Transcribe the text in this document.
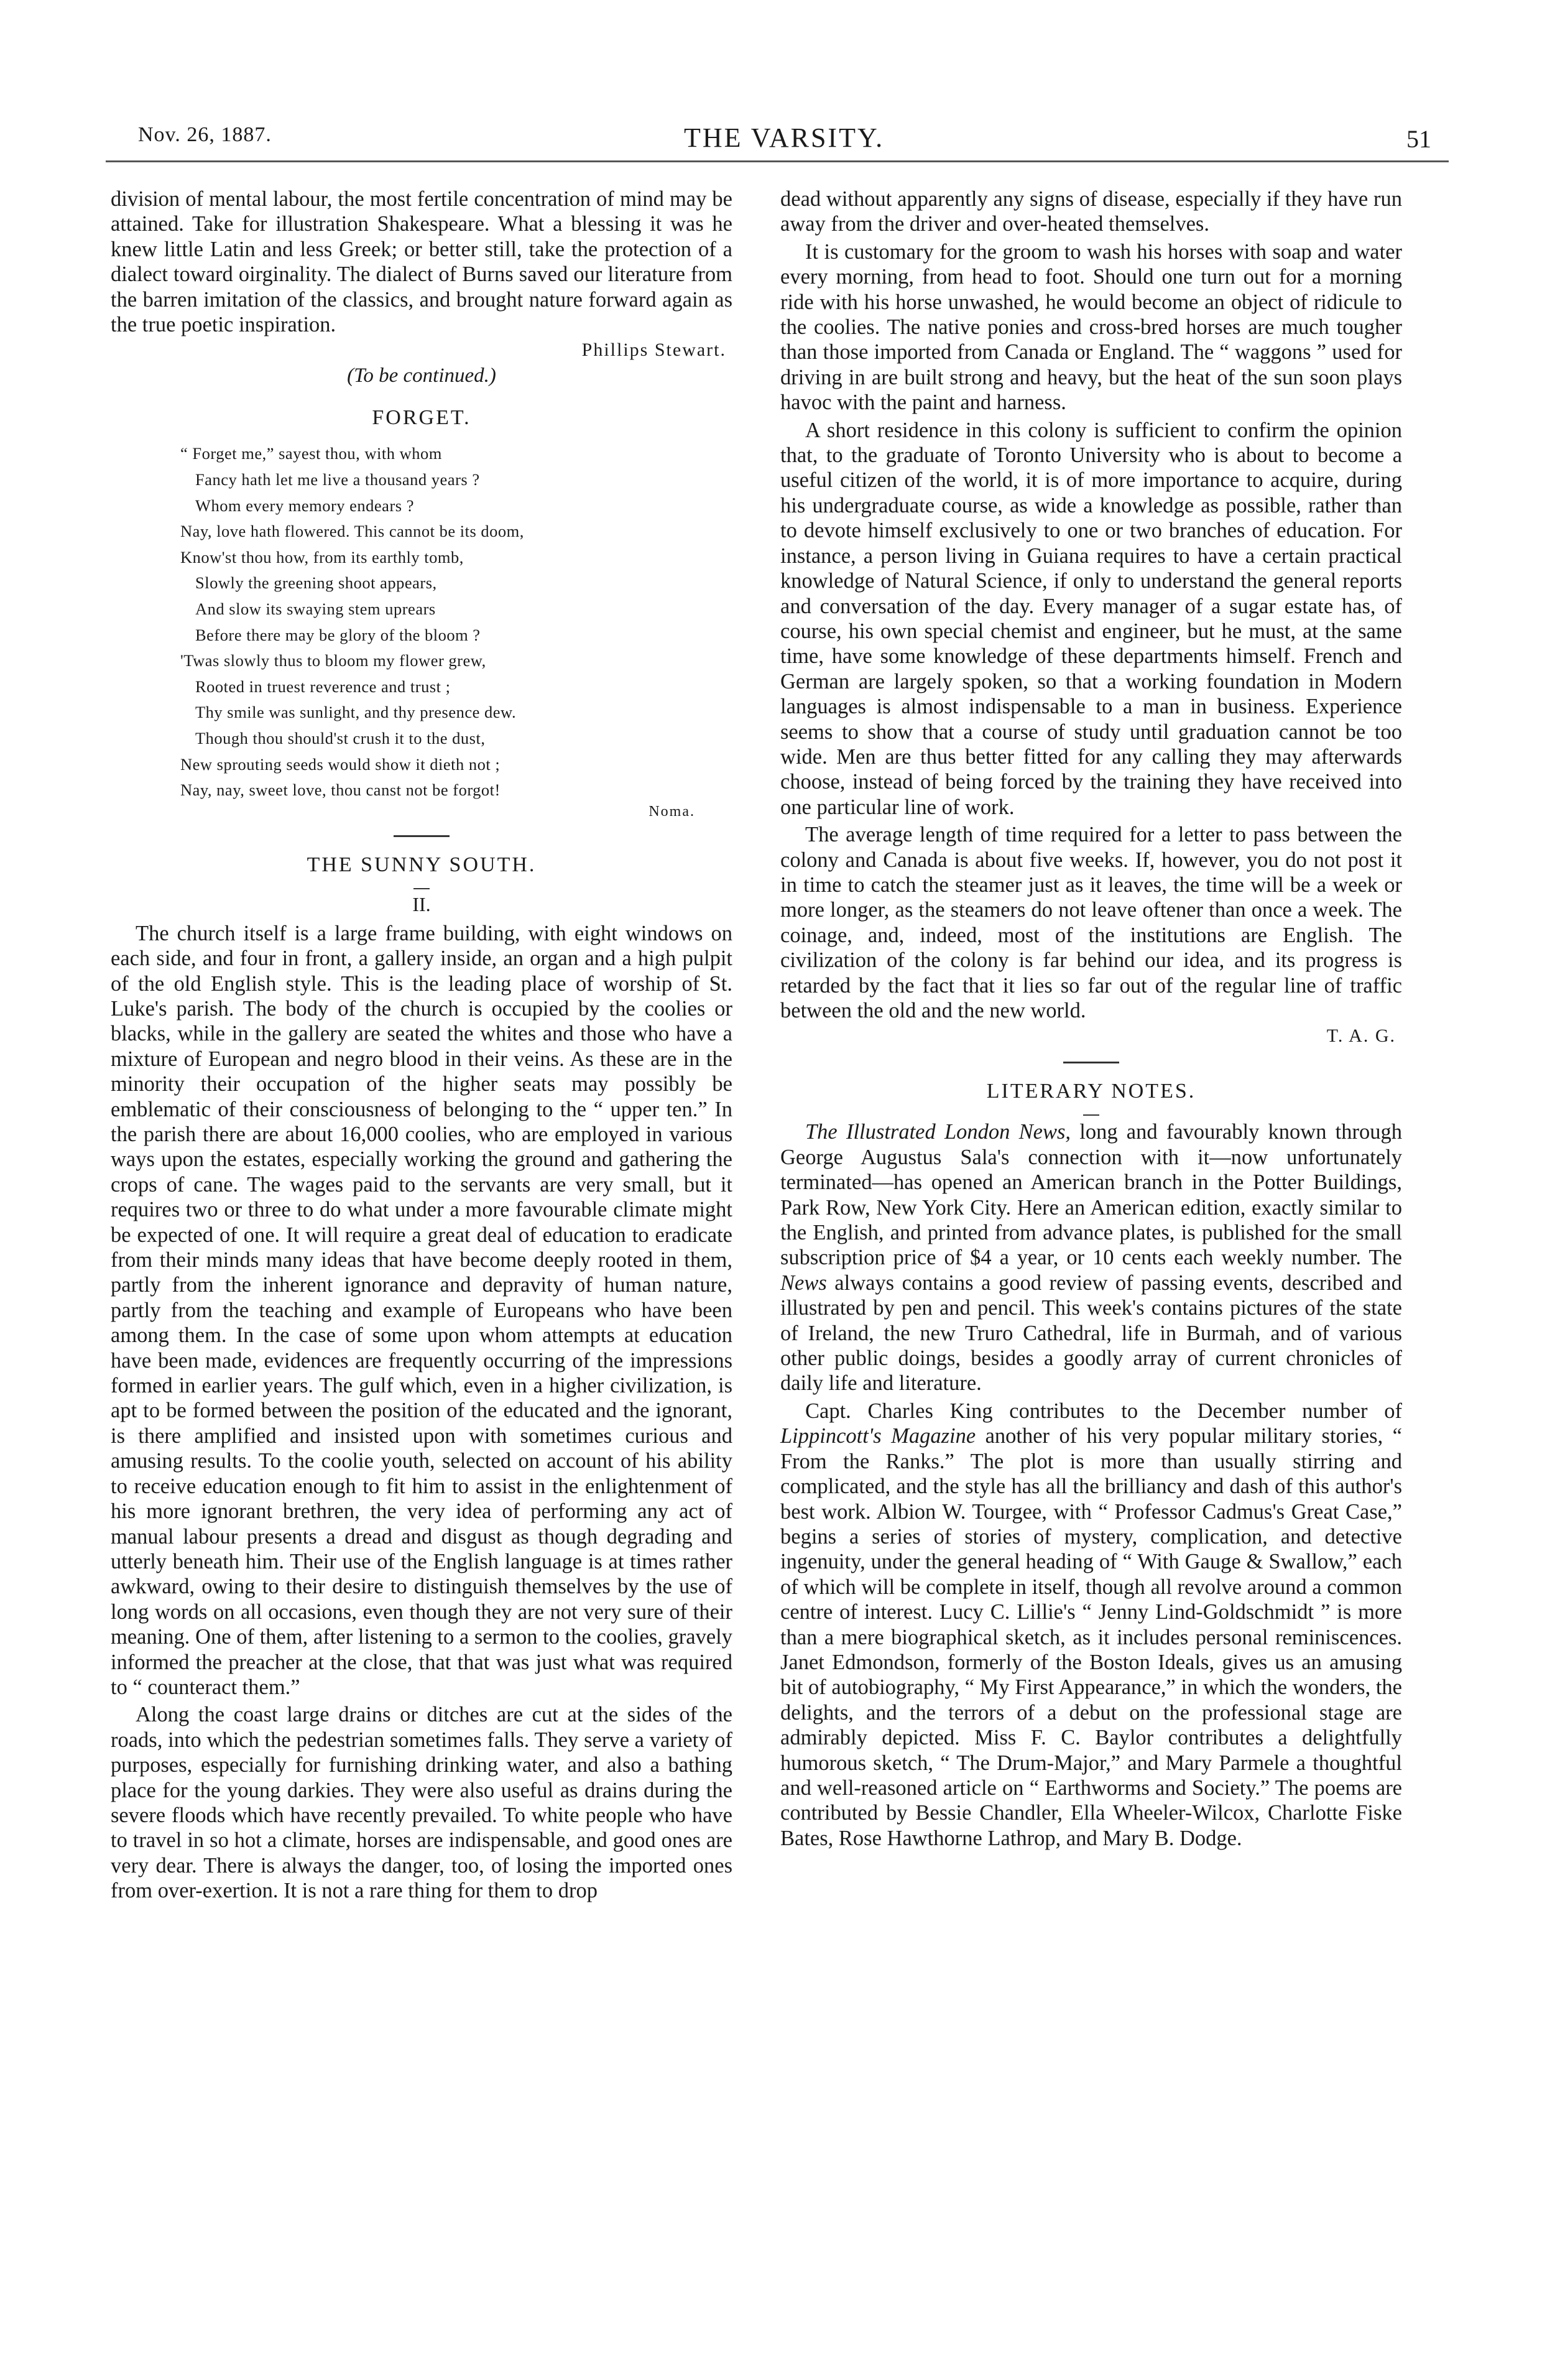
Nov. 26, 1887.	THE VARSITY.	51

division of mental labour, the most fertile concentration of mind may be attained. Take for illustration Shakespeare. What a blessing it was he knew little Latin and less Greek; or better still, take the protection of a dialect toward oirginality. The dialect of Burns saved our literature from the barren imitation of the classics, and brought nature forward again as the true poetic inspiration.

Phillips Stewart.
(To be continued.)
FORGET.
“ Forget me,” sayest thou, with whom
Fancy hath let me live a thousand years ?
Whom every memory endears ?
Nay, love hath flowered. This cannot be its doom,
Know'st thou how, from its earthly tomb,
Slowly the greening shoot appears,
And slow its swaying stem uprears
Before there may be glory of the bloom ?
'Twas slowly thus to bloom my flower grew,
Rooted in truest reverence and trust ;
Thy smile was sunlight, and thy presence dew.
Though thou should'st crush it to the dust,
New sprouting seeds would show it dieth not ;
Nay, nay, sweet love, thou canst not be forgot!
Noma.
THE SUNNY SOUTH.
II.

The church itself is a large frame building, with eight windows on each side, and four in front, a gallery inside, an organ and a high pulpit of the old English style. This is the leading place of worship of St. Luke's parish. The body of the church is occupied by the coolies or blacks, while in the gallery are seated the whites and those who have a mixture of European and negro blood in their veins. As these are in the minority their occupation of the higher seats may possibly be emblematic of their consciousness of belonging to the “ upper ten.” In the parish there are about 16,000 coolies, who are employed in various ways upon the estates, especially working the ground and gathering the crops of cane. The wages paid to the servants are very small, but it requires two or three to do what under a more favourable climate might be expected of one. It will require a great deal of education to eradicate from their minds many ideas that have become deeply rooted in them, partly from the inherent ignorance and depravity of human nature, partly from the teaching and example of Europeans who have been among them. In the case of some upon whom attempts at education have been made, evidences are frequently occurring of the impressions formed in earlier years. The gulf which, even in a higher civilization, is apt to be formed between the position of the educated and the ignorant, is there amplified and insisted upon with sometimes curious and amusing results. To the coolie youth, selected on account of his ability to receive education enough to fit him to assist in the enlightenment of his more ignorant brethren, the very idea of performing any act of manual labour presents a dread and disgust as though degrading and utterly beneath him. Their use of the English language is at times rather awkward, owing to their desire to distinguish themselves by the use of long words on all occasions, even though they are not very sure of their meaning. One of them, after listening to a sermon to the coolies, gravely informed the preacher at the close, that that was just what was required to “ counteract them.”

Along the coast large drains or ditches are cut at the sides of the roads, into which the pedestrian sometimes falls. They serve a variety of purposes, especially for furnishing drinking water, and also a bathing place for the young darkies. They were also useful as drains during the severe floods which have recently prevailed. To white people who have to travel in so hot a climate, horses are indispensable, and good ones are very dear. There is always the danger, too, of losing the imported ones from over-exertion. It is not a rare thing for them to drop

dead without apparently any signs of disease, especially if they have run away from the driver and over-heated themselves.

It is customary for the groom to wash his horses with soap and water every morning, from head to foot. Should one turn out for a morning ride with his horse unwashed, he would become an object of ridicule to the coolies. The native ponies and cross-bred horses are much tougher than those imported from Canada or England. The “ waggons ” used for driving in are built strong and heavy, but the heat of the sun soon plays havoc with the paint and harness.

A short residence in this colony is sufficient to confirm the opinion that, to the graduate of Toronto University who is about to become a useful citizen of the world, it is of more importance to acquire, during his undergraduate course, as wide a knowledge as possible, rather than to devote himself exclusively to one or two branches of education. For instance, a person living in Guiana requires to have a certain practical knowledge of Natural Science, if only to understand the general reports and conversation of the day. Every manager of a sugar estate has, of course, his own special chemist and engineer, but he must, at the same time, have some knowledge of these departments himself. French and German are largely spoken, so that a working foundation in Modern languages is almost indispensable to a man in business. Experience seems to show that a course of study until graduation cannot be too wide. Men are thus better fitted for any calling they may afterwards choose, instead of being forced by the training they have received into one particular line of work.

The average length of time required for a letter to pass between the colony and Canada is about five weeks. If, however, you do not post it in time to catch the steamer just as it leaves, the time will be a week or more longer, as the steamers do not leave oftener than once a week. The coinage, and, indeed, most of the institutions are English. The civilization of the colony is far behind our idea, and its progress is retarded by the fact that it lies so far out of the regular line of traffic between the old and the new world.

T. A. G.
LITERARY NOTES.

The Illustrated London News, long and favourably known through George Augustus Sala's connection with it—now unfortunately terminated—has opened an American branch in the Potter Buildings, Park Row, New York City. Here an American edition, exactly similar to the English, and printed from advance plates, is published for the small subscription price of $4 a year, or 10 cents each weekly number. The News always contains a good review of passing events, described and illustrated by pen and pencil. This week's contains pictures of the state of Ireland, the new Truro Cathedral, life in Burmah, and of various other public doings, besides a goodly array of current chronicles of daily life and literature.

Capt. Charles King contributes to the December number of Lippincott's Magazine another of his very popular military stories, “ From the Ranks.” The plot is more than usually stirring and complicated, and the style has all the brilliancy and dash of this author's best work. Albion W. Tourgee, with “ Professor Cadmus's Great Case,” begins a series of stories of mystery, complication, and detective ingenuity, under the general heading of “ With Gauge & Swallow,” each of which will be complete in itself, though all revolve around a common centre of interest. Lucy C. Lillie's “ Jenny Lind-Goldschmidt ” is more than a mere biographical sketch, as it includes personal reminiscences. Janet Edmondson, formerly of the Boston Ideals, gives us an amusing bit of autobiography, “ My First Appearance,” in which the wonders, the delights, and the terrors of a debut on the professional stage are admirably depicted. Miss F. C. Baylor contributes a delightfully humorous sketch, “ The Drum-Major,” and Mary Parmele a thoughtful and well-reasoned article on “ Earthworms and Society.” The poems are contributed by Bessie Chandler, Ella Wheeler-Wilcox, Charlotte Fiske Bates, Rose Hawthorne Lathrop, and Mary B. Dodge.
